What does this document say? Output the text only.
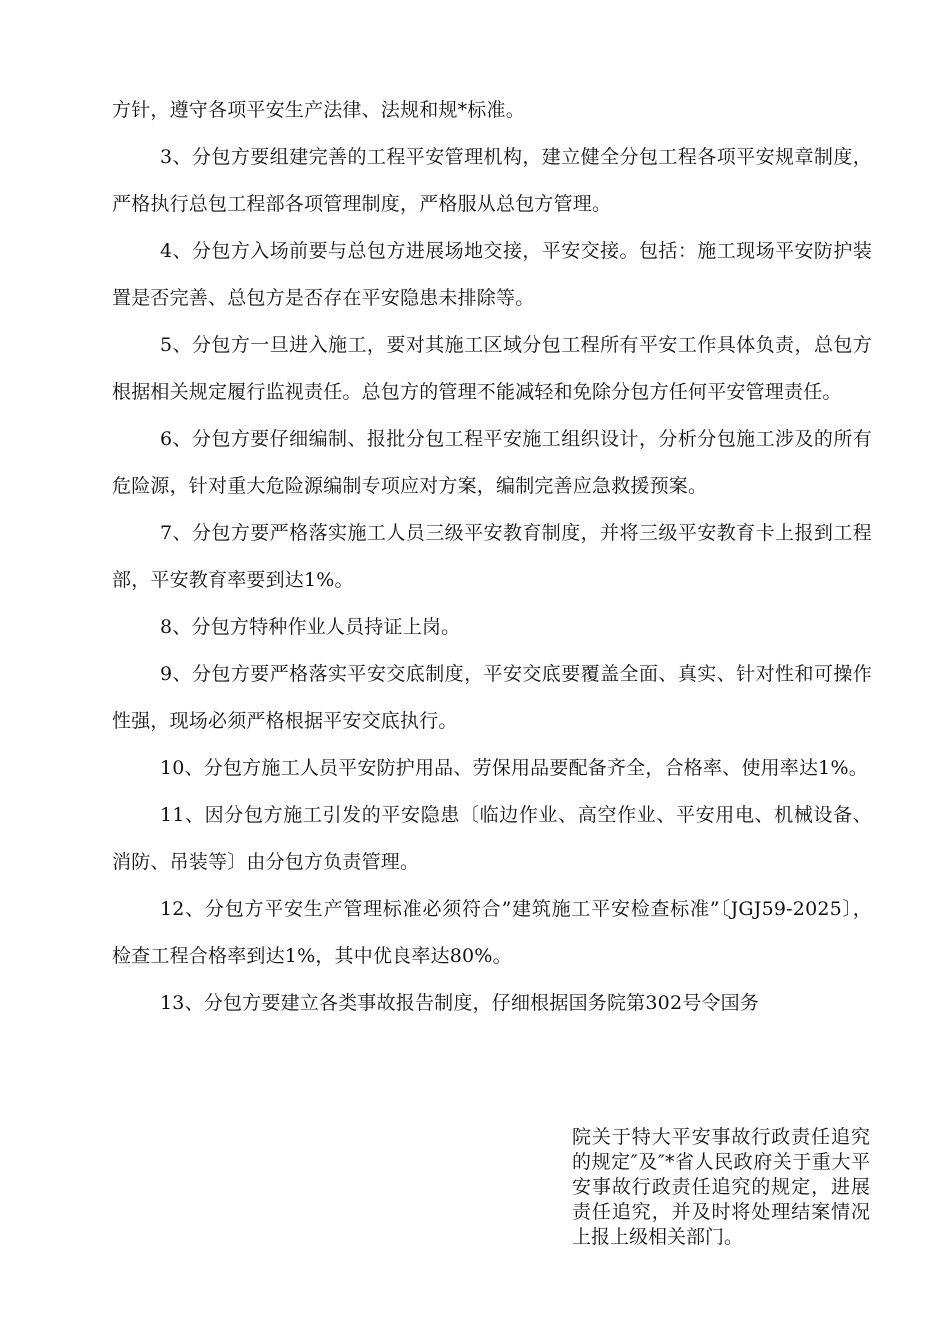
方针，遵守各项平安生产法律、法规和规*标准。

3、分包方要组建完善的工程平安管理机构，建立健全分包工程各项平安规章制度，严格执行总包工程部各项管理制度，严格服从总包方管理。

4、分包方入场前要与总包方进展场地交接，平安交接。包括：施工现场平安防护装置是否完善、总包方是否存在平安隐患未排除等。

5、分包方一旦进入施工，要对其施工区域分包工程所有平安工作具体负责，总包方根据相关规定履行监视责任。总包方的管理不能减轻和免除分包方任何平安管理责任。

6、分包方要仔细编制、报批分包工程平安施工组织设计，分析分包施工涉及的所有危险源，针对重大危险源编制专项应对方案，编制完善应急救援预案。

7、分包方要严格落实施工人员三级平安教育制度，并将三级平安教育卡上报到工程部，平安教育率要到达1%。

8、分包方特种作业人员持证上岗。

9、分包方要严格落实平安交底制度，平安交底要覆盖全面、真实、针对性和可操作性强，现场必须严格根据平安交底执行。

10、分包方施工人员平安防护用品、劳保用品要配备齐全，合格率、使用率达1%。

11、因分包方施工引发的平安隐患〔临边作业、高空作业、平安用电、机械设备、消防、吊装等〕由分包方负责管理。

12、分包方平安生产管理标准必须符合”建筑施工平安检查标准”〔JGJ59-2025〕，检查工程合格率到达1%，其中优良率达80%。

13、分包方要建立各类事故报告制度，仔细根据国务院第302号令国务

院关于特大平安事故行政责任追究的规定″及″*省人民政府关于重大平安事故行政责任追究的规定，进展责任追究，并及时将处理结案情况上报上级相关部门。
